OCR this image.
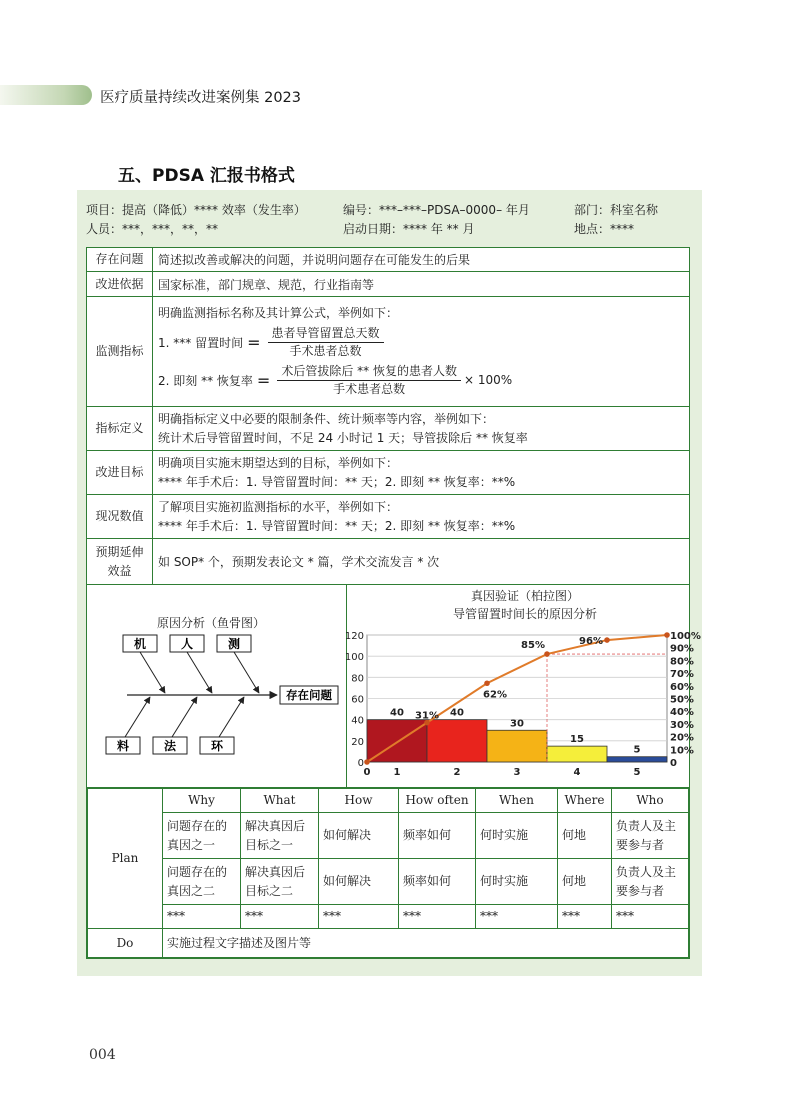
医疗质量持续改进案例集 2023
五、PDSA 汇报书格式
项目：提高（降低）**** 效率（发生率）	编号：***–***–PDSA–0000– 年月	部门：科室名称
人员：***，***，**，**	启动日期：**** 年 ** 月	地点：****
存在问题	简述拟改善或解决的问题，并说明问题存在可能发生的后果
改进依据	国家标准，部门规章、规范，行业指南等
监测指标	
明确监测指标名称及其计算公式，举例如下：
1. *** 留置时间 = $\frac{\text{患者导管留置总天数}}{\text{手术患者总数}}$
2. 即刻 ** 恢复率 = $\frac{\text{术后管拔除后 ** 恢复的患者人数}}{\text{手术患者总数}} \times 100\%$

指标定义	
明确指标定义中必要的限制条件、统计频率等内容，举例如下：
统计术后导管留置时间，不足 24 小时记 1 天；导管拔除后 ** 恢复率

改进目标	
明确项目实施末期望达到的目标，举例如下：
**** 年手术后：1. 导管留置时间：** 天；2. 即刻 ** 恢复率：**%

现况数值	
了解项目实施初监测指标的水平，举例如下：
**** 年手术后：1. 导管留置时间：** 天；2. 即刻 ** 恢复率：**%

预期延伸
效益
	如 SOP* 个，预期发表论文 * 篇，学术交流发言 * 次

原因分析（鱼骨图）
机	人	测
存在问题
料	法	环
真因验证（柏拉图）
导管留置时间长的原因分析
0
20
40
60
80
100
120
0
10%
20%
30%
40%
50%
60%
70%
80%
90%
100%
0 1	2	3	4	5
40	40
30
15
5
31%
62%
85%	96%

Plan	Why	What	How	How often	When	Where	Who
问题存在的真因之一	解决真因后目标之一	如何解决	频率如何	何时实施	何地	负责人及主要参与者
问题存在的真因之二	解决真因后目标之二	如何解决	频率如何	何时实施	何地	负责人及主要参与者
***	***	***	***	***	***	***
Do	实施过程文字描述及图片等
004
